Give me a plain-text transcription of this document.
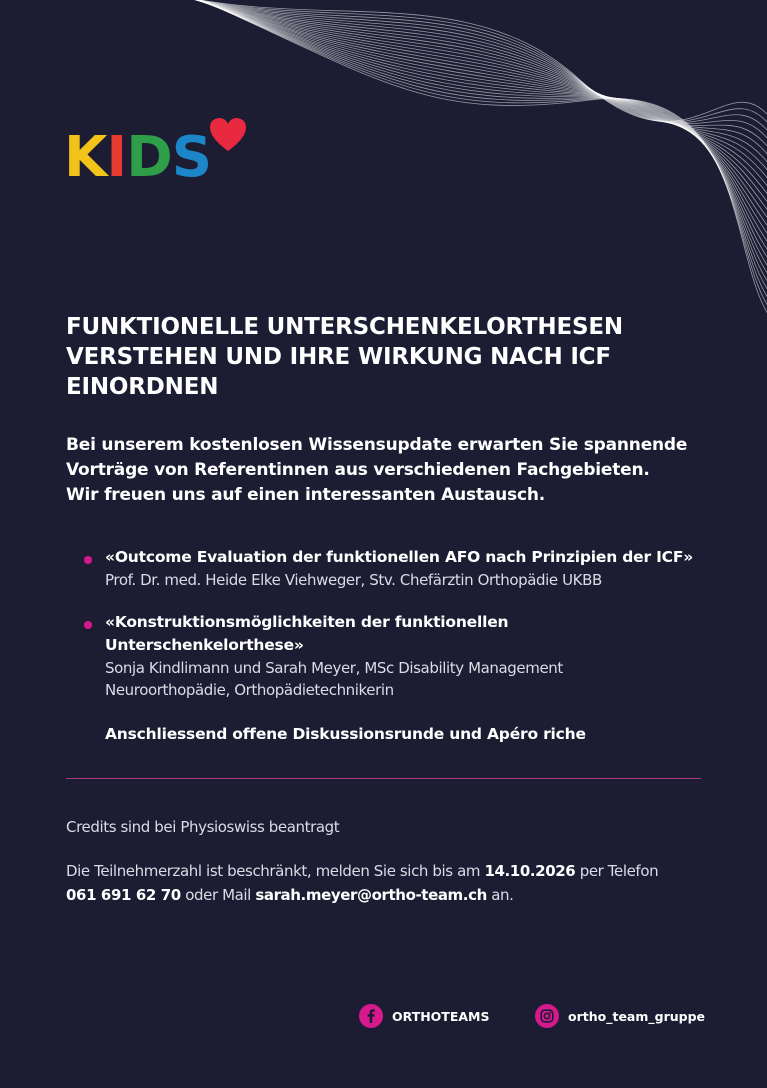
K I D S
FUNKTIONELLE UNTERSCHENKELORTHESEN
VERSTEHEN UND IHRE WIRKUNG NACH ICF
EINORDNEN

Bei unserem kostenlosen Wissensupdate erwarten Sie spannende
Vorträge von Referentinnen aus verschiedenen Fachgebieten.
Wir freuen uns auf einen interessanten Austausch.

«Outcome Evaluation der funktionellen AFO nach Prinzipien der ICF»
Prof. Dr. med. Heide Elke Viehweger, Stv. Chefärztin Orthopädie UKBB
«Konstruktionsmöglichkeiten der funktionellen
Unterschenkelorthese»
Sonja Kindlimann und Sarah Meyer, MSc Disability Management
Neuroorthopädie, Orthopädietechnikerin
Anschliessend offene Diskussionsrunde und Apéro riche
Credits sind bei Physioswiss beantragt

Die Teilnehmerzahl ist beschränkt, melden Sie sich bis am 14.10.2026 per Telefon
061 691 62 70 oder Mail sarah.meyer@ortho-team.ch an.

ORTHOTEAMS	ortho_team_gruppe
